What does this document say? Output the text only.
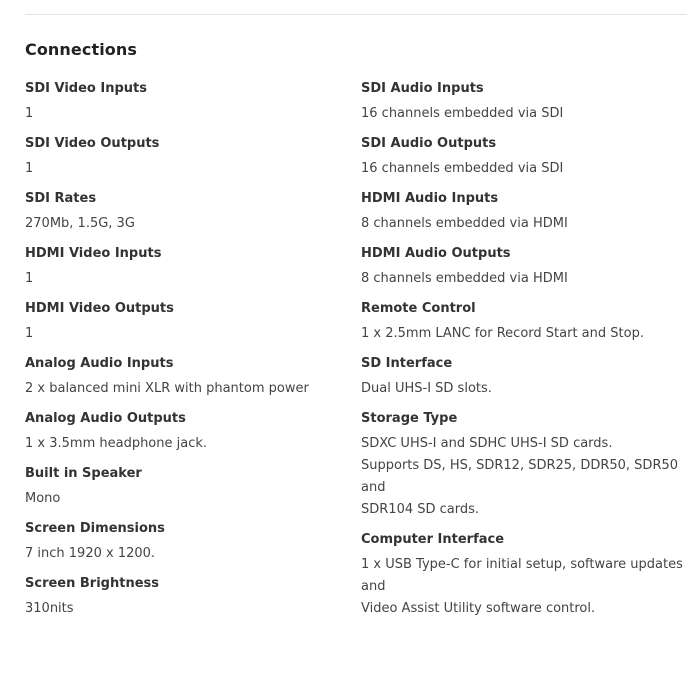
Connections
SDI Video Inputs
1
SDI Video Outputs
1
SDI Rates
270Mb, 1.5G, 3G
HDMI Video Inputs
1
HDMI Video Outputs
1
Analog Audio Inputs
2 x balanced mini XLR with phantom power
Analog Audio Outputs
1 x 3.5mm headphone jack.
Built in Speaker
Mono
Screen Dimensions
7 inch 1920 x 1200.
Screen Brightness
310nits
SDI Audio Inputs
16 channels embedded via SDI
SDI Audio Outputs
16 channels embedded via SDI
HDMI Audio Inputs
8 channels embedded via HDMI
HDMI Audio Outputs
8 channels embedded via HDMI
Remote Control
1 x 2.5mm LANC for Record Start and Stop.
SD Interface
Dual UHS-I SD slots.
Storage Type
SDXC UHS-I and SDHC UHS-I SD cards.
Supports DS, HS, SDR12, SDR25, DDR50, SDR50 and
SDR104 SD cards.
Computer Interface
1 x USB Type-C for initial setup, software updates and
Video Assist Utility software control.
